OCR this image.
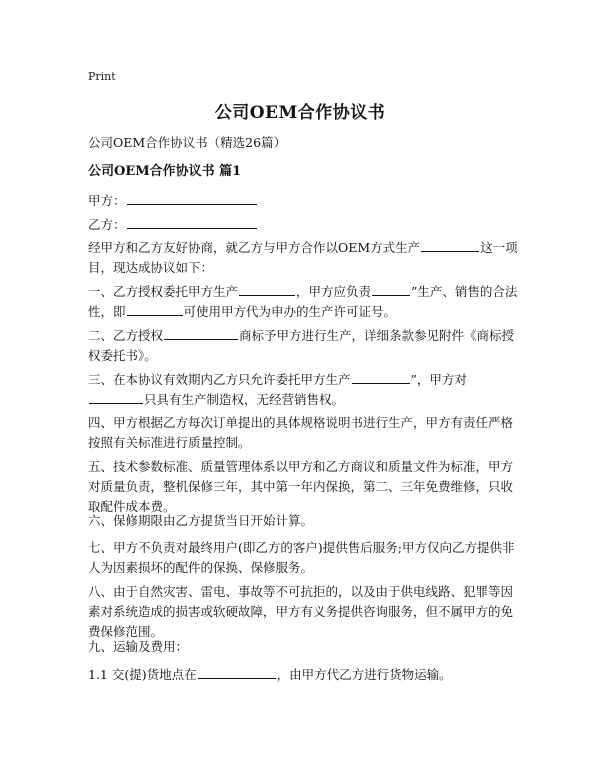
Print
公司OEM合作协议书
公司OEM合作协议书（精选26篇）
公司OEM合作协议书 篇1
甲方：
乙方：
经甲方和乙方友好协商，就乙方与甲方合作以OEM方式生产	这一项目，现达成协议如下：
一、乙方授权委托甲方生产	，甲方应负责	”生产、销售的合法性，即	可使用甲方代为申办的生产许可证号。
二、乙方授权	商标予甲方进行生产，详细条款参见附件《商标授权委托书》。
三、在本协议有效期内乙方只允许委托甲方生产	”，甲方对只具有生产制造权，无经营销售权。
四、甲方根据乙方每次订单提出的具体规格说明书进行生产，甲方有责任严格按照有关标准进行质量控制。
五、技术参数标准、质量管理体系以甲方和乙方商议和质量文件为标准，甲方对质量负责，整机保修三年，其中第一年内保换，第二、三年免费维修，只收取配件成本费。
六、保修期限由乙方提货当日开始计算。
七、甲方不负责对最终用户(即乙方的客户)提供售后服务;甲方仅向乙方提供非人为因素损坏的配件的保换、保修服务。
八、由于自然灾害、雷电、事故等不可抗拒的，以及由于供电线路、犯罪等因素对系统造成的损害或软硬故障，甲方有义务提供咨询服务，但不属甲方的免费保修范围。
九、运输及费用：
1.1 交(提)货地点在	，由甲方代乙方进行货物运输。
